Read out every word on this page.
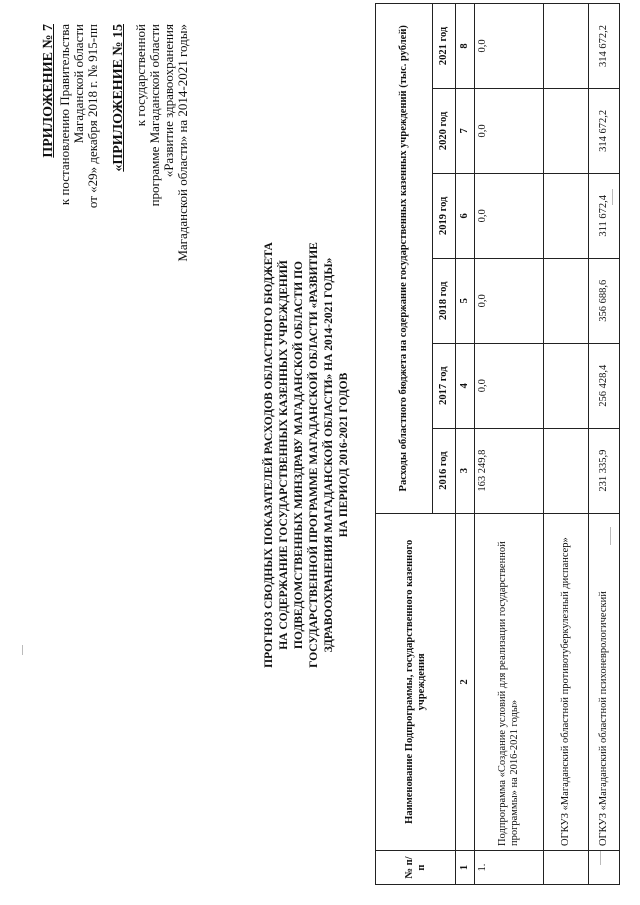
ПРИЛОЖЕНИЕ № 7 к постановлению Правительства Магаданской области от «29» декабря 2018 г. № 915-пп «ПРИЛОЖЕНИЕ № 15 к государственной программе Магаданской области «Развитие здравоохранения Магаданской области» на 2014-2021 годы»
ПРОГНОЗ СВОДНЫХ ПОКАЗАТЕЛЕЙ РАСХОДОВ ОБЛАСТНОГО БЮДЖЕТА НА СОДЕРЖАНИЕ ГОСУДАРСТВЕННЫХ КАЗЕННЫХ УЧРЕЖДЕНИЙ ПОДВЕДОМСТВЕННЫХ МИНЗДРАВУ МАГАДАНСКОЙ ОБЛАСТИ ПО ГОСУДАРСТВЕННОЙ ПРОГРАММЕ МАГАДАНСКОЙ ОБЛАСТИ «РАЗВИТИЕ ЗДРАВООХРАНЕНИЯ МАГАДАНСКОЙ ОБЛАСТИ» НА 2014-2021 ГОДЫ» НА ПЕРИОД 2016-2021 ГОДОВ
№ п/п	Наименование Подпрограммы, государственного казенного учреждения	Расходы областного бюджета на содержание государственных казенных учреждений (тыс. рублей)					
		2016 год	2017 год	2018 год	2019 год	2020 год	2021 год
1	2	3	4	5	6	7	8
1.	Подпрограмма «Создание условий для реализации государственной программы» на 2016-2021 годы»	163 249,8	0,0	0,0	0,0	0,0	0,0
	ОГКУЗ «Магаданский областной противотуберкулезный диспансер»						
	ОГКУЗ «Магаданский областной психоневрологический	231 335,9	256 428,4	356 688,6	311 672,4	314 672,2	314 672,2
